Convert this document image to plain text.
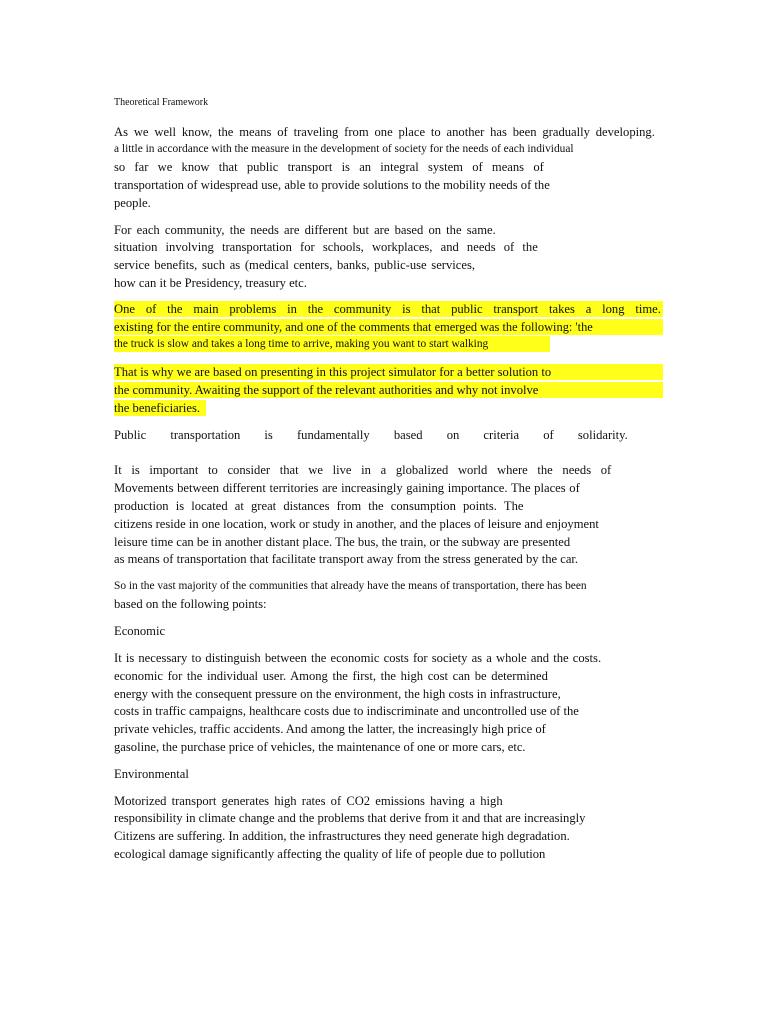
Theoretical Framework
As we well know, the means of traveling from one place to another has been gradually developing.
a little in accordance with the measure in the development of society for the needs of each individual
so far we know that public transport is an integral system of means of
transportation of widespread use, able to provide solutions to the mobility needs of the
people.
For each community, the needs are different but are based on the same.
situation involving transportation for schools, workplaces, and needs of the
service benefits, such as (medical centers, banks, public-use services,
how can it be Presidency, treasury etc.
One of the main problems in the community is that public transport takes a long time.
existing for the entire community, and one of the comments that emerged was the following: 'the
the truck is slow and takes a long time to arrive, making you want to start walking
That is why we are based on presenting in this project simulator for a better solution to
the community. Awaiting the support of the relevant authorities and why not involve
the beneficiaries.
Public transportation is fundamentally based on criteria of solidarity.
It is important to consider that we live in a globalized world where the needs of
Movements between different territories are increasingly gaining importance. The places of
production is located at great distances from the consumption points. The
citizens reside in one location, work or study in another, and the places of leisure and enjoyment
leisure time can be in another distant place. The bus, the train, or the subway are presented
as means of transportation that facilitate transport away from the stress generated by the car.
So in the vast majority of the communities that already have the means of transportation, there has been
based on the following points:
Economic
It is necessary to distinguish between the economic costs for society as a whole and the costs.
economic for the individual user. Among the first, the high cost can be determined
energy with the consequent pressure on the environment, the high costs in infrastructure,
costs in traffic campaigns, healthcare costs due to indiscriminate and uncontrolled use of the
private vehicles, traffic accidents. And among the latter, the increasingly high price of
gasoline, the purchase price of vehicles, the maintenance of one or more cars, etc.
Environmental
Motorized transport generates high rates of CO2 emissions having a high
responsibility in climate change and the problems that derive from it and that are increasingly
Citizens are suffering. In addition, the infrastructures they need generate high degradation.
ecological damage significantly affecting the quality of life of people due to pollution
